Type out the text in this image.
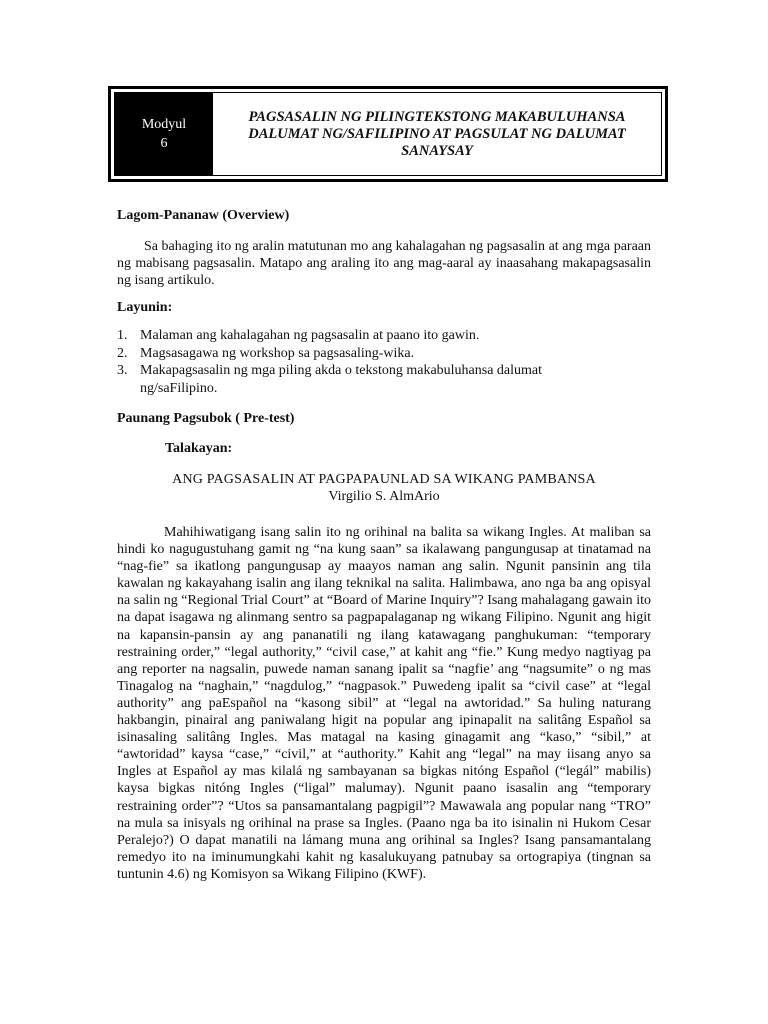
Modyul
6
PAGSASALIN NG PILINGTEKSTONG MAKABULUHANSA
DALUMAT NG/SAFILIPINO AT PAGSULAT NG DALUMAT
SANAYSAY
Lagom-Pananaw (Overview)
Sa bahaging ito ng aralin matutunan mo ang kahalagahan ng pagsasalin at ang mga paraan ng mabisang pagsasalin. Matapo ang araling ito ang mag-aaral ay inaasahang makapagsasalin ng isang artikulo.
Layunin:
1. Malaman ang kahalagahan ng pagsasalin at paano ito gawin.
2. Magsasagawa ng workshop sa pagsasaling-wika.
3. Makapagsasalin ng mga piling akda o tekstong makabuluhansa dalumat ng/saFilipino.
Paunang Pagsubok ( Pre-test)
Talakayan:
ANG PAGSASALIN AT PAGPAPAUNLAD SA WIKANG PAMBANSA
Virgilio S. AlmArio
Mahihiwatigang isang salin ito ng orihinal na balita sa wikang Ingles. At maliban sa hindi ko nagugustuhang gamit ng “na kung saan” sa ikalawang pangungusap at tinatamad na “nag-fie” sa ikatlong pangungusap ay maayos naman ang salin. Ngunit pansinin ang tila kawalan ng kakayahang isalin ang ilang teknikal na salita. Halimbawa, ano nga ba ang opisyal na salin ng “Regional Trial Court” at “Board of Marine Inquiry”? Isang mahalagang gawain ito na dapat isagawa ng alinmang sentro sa pagpapalaganap ng wikang Filipino. Ngunit ang higit na kapansin-pansin ay ang pananatili ng ilang katawagang panghukuman: “temporary restraining order,” “legal authority,” “civil case,” at kahit ang “fie.” Kung medyo nagtiyag pa ang reporter na nagsalin, puwede naman sanang ipalit sa “nagfie’ ang “nagsumite” o ng mas Tinagalog na “naghain,” “nagdulog,” “nagpasok.” Puwedeng ipalit sa “civil case” at “legal authority” ang paEspañol na “kasong sibil” at “legal na awtoridad.” Sa huling naturang hakbangin, pinairal ang paniwalang higit na popular ang ipinapalit na salitâng Español sa isinasaling salitâng Ingles. Mas matagal na kasing ginagamit ang “kaso,” “sibil,” at “awtoridad” kaysa “case,” “civil,” at “authority.” Kahit ang “legal” na may iisang anyo sa Ingles at Español ay mas kilalá ng sambayanan sa bigkas nitóng Español (“legál” mabilis) kaysa bigkas nitóng Ingles (“ligal” malumay). Ngunit paano isasalin ang “temporary restraining order”? “Utos sa pansamantalang pagpigil”? Mawawala ang popular nang “TRO” na mula sa inisyals ng orihinal na prase sa Ingles. (Paano nga ba ito isinalin ni Hukom Cesar Peralejo?) O dapat manatili na lámang muna ang orihinal sa Ingles? Isang pansamantalang remedyo ito na iminumungkahi kahit ng kasalukuyang patnubay sa ortograpiya (tingnan sa tuntunin 4.6) ng Komisyon sa Wikang Filipino (KWF).
